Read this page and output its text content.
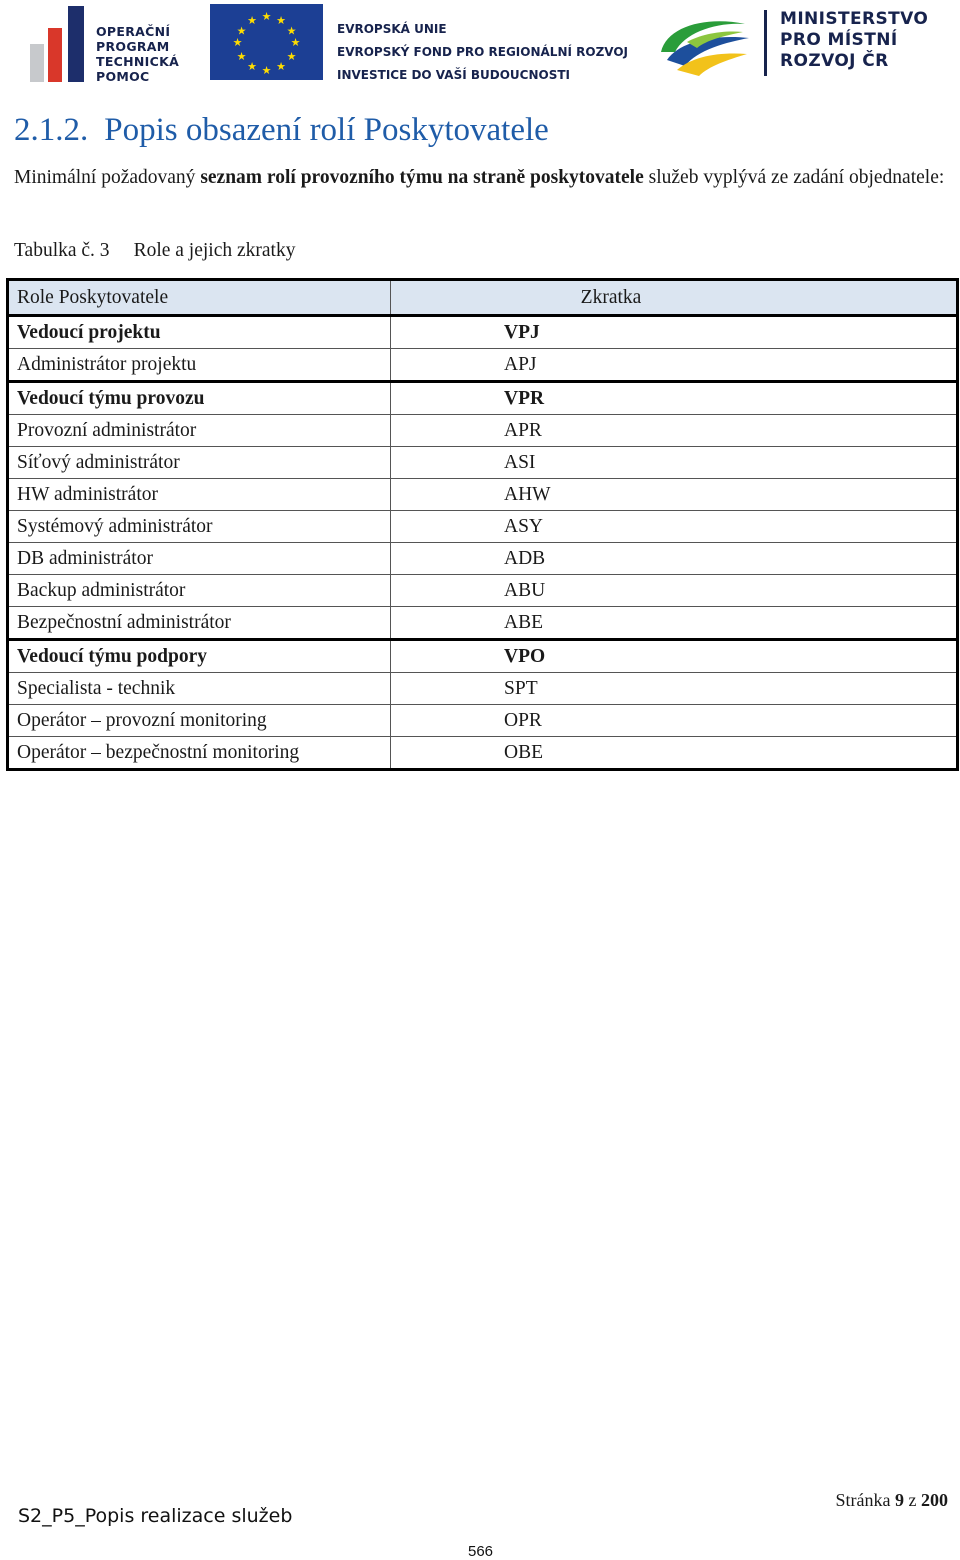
OPERAČNÍ
PROGRAM
TECHNICKÁ
POMOC
★ ★
★
★
★
★
★
★
★
★
★
★
EVROPSKÁ UNIE
EVROPSKÝ FOND PRO REGIONÁLNÍ ROZVOJ
INVESTICE DO VAŠÍ BUDOUCNOSTI
MINISTERSTVO
PRO MÍSTNÍ
ROZVOJ ČR
2.1.2. Popis obsazení rolí Poskytovatele

Minimální požadovaný seznam rolí provozního týmu na straně poskytovatele služeb vyplývá ze zadání objednatele:

Tabulka č. 3 Role a jejich zkratky
Role Poskytovatele	Zkratka
Vedoucí projektu	VPJ
Administrátor projektu	APJ
Vedoucí týmu provozu	VPR
Provozní administrátor	APR
Síťový administrátor	ASI
HW administrátor	AHW
Systémový administrátor	ASY
DB administrátor	ADB
Backup administrátor	ABU
Bezpečnostní administrátor	ABE
Vedoucí týmu podpory	VPO
Specialista - technik	SPT
Operátor – provozní monitoring	OPR
Operátor – bezpečnostní monitoring	OBE
Stránka 9 z 200
S2_P5_Popis realizace služeb
566
